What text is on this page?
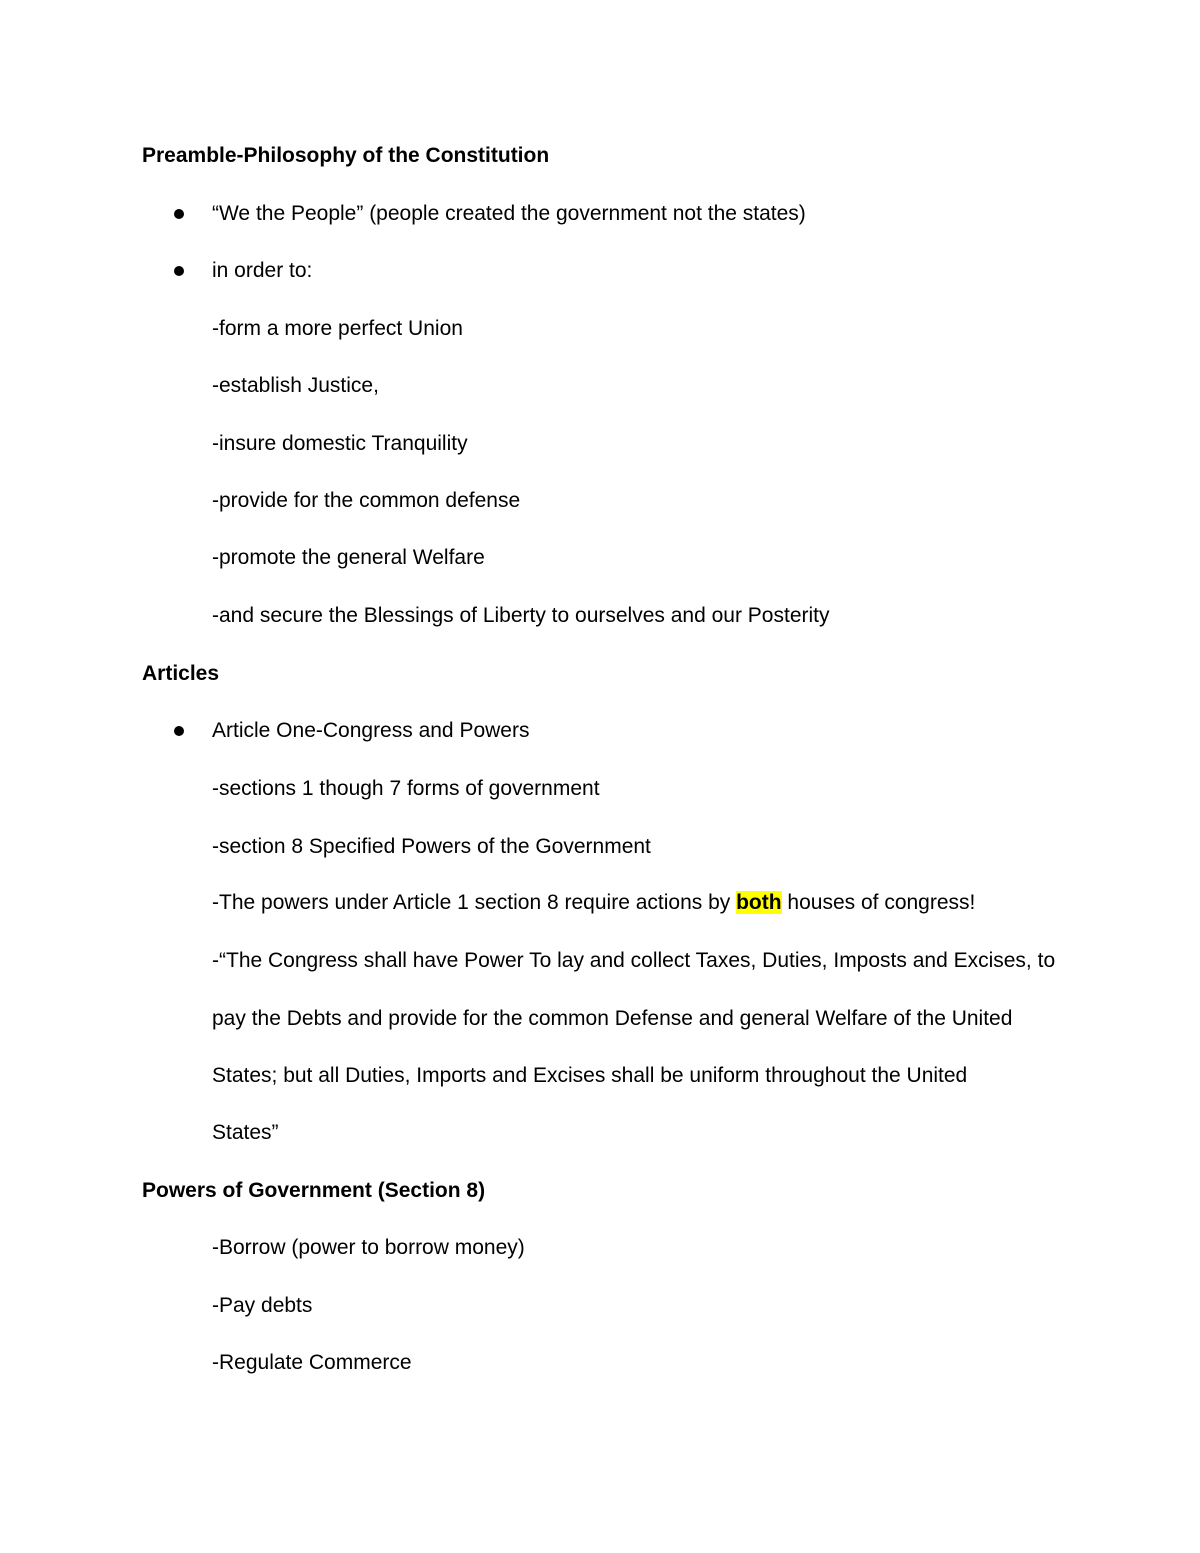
Preamble-Philosophy of the Constitution
“We the People” (people created the government not the states)
in order to:
-form a more perfect Union
-establish Justice,
-insure domestic Tranquility
-provide for the common defense
-promote the general Welfare
-and secure the Blessings of Liberty to ourselves and our Posterity
Articles
Article One-Congress and Powers
-sections 1 though 7 forms of government
-section 8 Specified Powers of the Government
-The powers under Article 1 section 8 require actions by both houses of congress!
-“The Congress shall have Power To lay and collect Taxes, Duties, Imposts and Excises, to
pay the Debts and provide for the common Defense and general Welfare of the United
States; but all Duties, Imports and Excises shall be uniform throughout the United
States”
Powers of Government (Section 8)
-Borrow (power to borrow money)
-Pay debts
-Regulate Commerce
